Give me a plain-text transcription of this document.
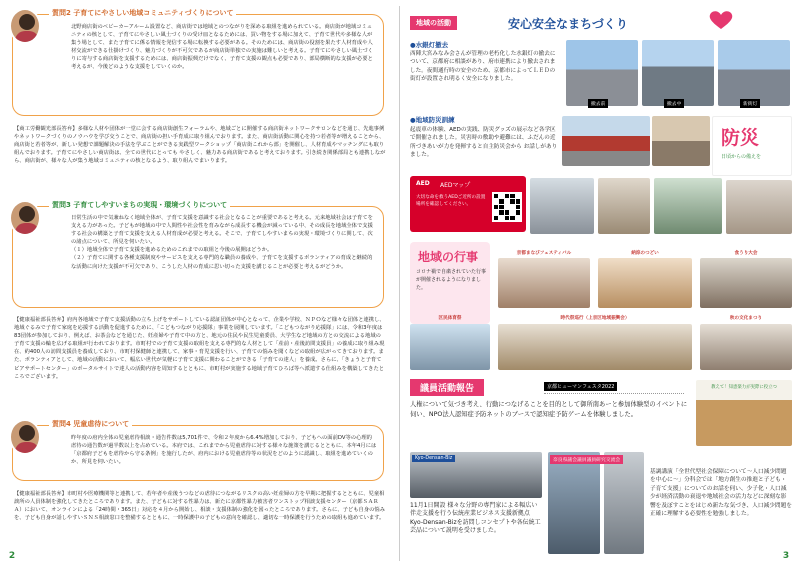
質問2 子育てにやさしい地域コミュニティづくりについて
北野商店街のベビーカーアルーム設置など、商店街では地域とのつながりを深める取組を進められている。商店街が地域コミュニティの核として、子育てにやさしい風土づくりの受け皿となるためには、買い物をする場に加えて、子育て世代や多様な人が集う場として、また子育てに係る情報を発信する場に転換する必要がある。そのためには、商店街の役割を果たす人材育成や人材交流ができる仕掛けづくり、魅力づくりが不可欠であるが商店街単独での実施は難しいと考える。子育てにやさしい風土づくりに寄与する商店街を支援するためには、商店街振興だけでなく、子育て支援の観点も必要であり、部局横断的な支援が必要と考えるが、今後どのような支援をしていくのか。
【商工労働観光部長答弁】多様な人材や団体が一堂に会する商店街創生フォーラムや、地域ごとに開催する商店街ネットワークサロンなどを通じ、先進事例やネットワークづくりのノウハウを学び交うことで、商店街の担い手育成に取り組んでおります。また、商店街活動に関心を持つ若者等が増えることから、商店街と若者等が、新しい発想で課題解決の手法を学ぶことができる実践型ワークショップ「商店街これから部」を開催し、人材育成やマッチングにも取り組んでおります。子育てにやさしい商店街は、全ての世代にとっても やさしく、魅力ある商店街であると考えております。引き続き関係部局とも連携しながら、商店街が、様々な人が集う地域コミュニティの核となるよう、取り組んでまいります。
質問3 子育てしやすいまちの実現・環境づくりについて
日常生活の中で気兼ねなく地域全体が、子育て支援を意識する社会となることが重要であると考える。元来地域社会は子育てを支える力があった。子どもが地域の中で人間性や社会性を育みながら成長する機会が減っている中、その成長を地域全体で支援する社会の構築と子育て支援を支える人材育成が必要と考える。そこで、子育てしやすいまちの実現・環境づくりに関して、次の諸点について、所見を伺いたい。
（１）地域全体で子育て支援を進めるためのこれまでの取組と今後の展開はどうか。
（２）子育てに関する各種支援制度やサービスを支える専門的な職員の養成や、子育てを支援するボランティアの育成と継続的な活動に向けた支援が不可欠であり、こうした人材の育成に思い切った支援を講じることが必要と考えるがどうか。
【健康福祉部長答弁】府内各地域で子育て支援活動の立ち上げをサポートしている認証団体が中心となって、企業や学校、ＮＰＯなど様々な団体と連携し、地域ぐるみで子育て家庭を応援する活動を促進するために、「こどもつながり応援隊」事業を展開しています。「こどもつながり応援隊」には、令和3年度は83団体が参加しており、例えば、お茶会などを通じた、妊産婦や子育て中の方と、地元の住民や民生児童委員、大学生など地域の方との交流による地域の子育て支援の輪を広げる取組が行われております。市町村での子育て支援の取組を支える専門的な人材として「産前・産後訪問支援員」の養成に取り組み現在、約400人の訪問支援員を養成しており、市町村保健師と連携して、家事・育児支援を行い、子育ての悩みを聞くなどの取組が広がってきております。また、ボランティアとして、地域の活動において、幅広い世代が気軽に子育て支援に関わることができる「子育ての達人」を養成。さらに、「きょうと子育てピアサポートセンター」のポータルサイトで達人の活動内容を周知するとともに、市町村が実施する地域子育てひろば等へ派遣する仕組みを構築してきたところでございます。
質問4 児童虐待について
昨年度の府内全体の児童虐待相談・通告件数は5,701件で、令和２年度から6.4%増加しており、子どもへの面前DV等の心理的虐待の通告数が過半数以上を占めている。本府では、これまでから児童虐待に対する様々な施策を講じるとともに、本年4月には「京都府子どもを虐待から守る条例」を施行したが、府内における児童虐待等の状況をどのように認識し、取組を進めていくのか、所見を伺いたい。
【健康福祉部長答弁】市町村や医療機関等と連携して、若年者や産後うつなどの虐待につながるリスクの高い妊産婦の方を早期に把握するとともに、児童相談所の人員体制を強化してきたところであります。また、子どもに対する性暴力は、新たに京都性暴力被害者ワンストップ相談支援センター（京都ＳＡＲＡ）において、オンラインによる「24時間・365日」対応を４月から開始し、相談・支援体制の強化を図ったところであります。さらに、子ども自身の悩みを、子ども自身が話しやすいＳＮＳ相談窓口を整備するとともに、一時保護中の子どもの意向を確認し、適切な一時保護を行うための取組も進めています。
2
地域の活動	安心安全なまちづくり
●水銀灯撤去
西陣大宮みなみ会さんが管理の老朽化した水銀灯の撤去について、京都府に相談があり、府市連携により撤去されました。夜間通行時の安全のため、京都市によってＬＥＤの街灯が設置され明るく安全になりました。
撤去前	撤去中	新街灯
●地域防災訓練
起震車の体験、AEDの実践、防災グッズの展示など各学区で開催されました。災害時の敷助や避難には、ふだんの近所づきあいが力を発揮すると自主防災会から お話しがありました。
防災
日頃からの備えを
AED AEDマップ
大切な命を救うAEDご近所の設置場所を確認してください。
地域の行事
コロナ禍で自粛されていた行事が開催されるようになりました。
京都まなびフェスティバル	納涼のつどい	食うり大会
区民体育祭	時代祭巡行（上京区地域振興会）	秋の文化まつり
議員活動報告	京都ヒューマンフェスタ2022
人権について気づき考え、行動につなげることを目的として御所南あーと参加体験型のイベントに伺い、NPO法人認知症予防ネットのブースで認知症予防ゲームを体験しました。
教えて！知恵楽力が実際に役立つ
Kyo-Densan-Biz
11月1日開設 様々な分野の専門家による幅広い伴走支援を行う伝統産業ビジネス支援新拠点 Kyo-Densan-Bizを訪問しコンセプトや各伝統工芸品について説明を受けました。
奈良県議会議員議員研究交流会
基調講演「全世代型社会保障について～人口減少問題を中心に～」分科会では「地方創生の推進と子ども・子育て支援」についてのお話を伺い、少子化・人口減少が経済活動の衰退や地域社会の活力などに深刻な影響を及ぼすことをはじめ新たな気づき、人口減少問題を正確に理解する必要性を勉強しました。
3
